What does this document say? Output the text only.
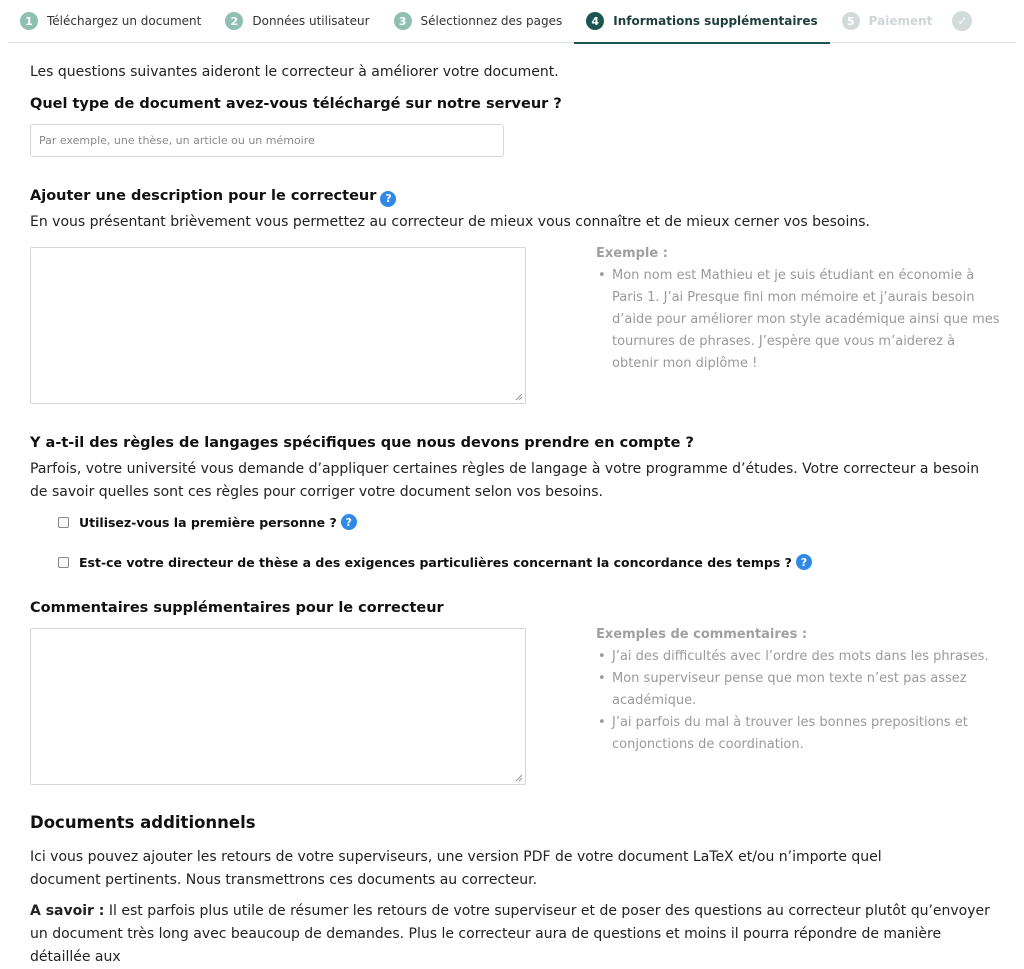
1	Téléchargez un document	2	Données utilisateur	3	Sélectionnez des pages	4	Informations supplémentaires	5	Paiement	✓
Les questions suivantes aideront le correcteur à améliorer votre document.
Quel type de document avez-vous téléchargé sur notre serveur ?
Par exemple, une thèse, un article ou un mémoire
Ajouter une description pour le correcteur ?
En vous présentant brièvement vous permettez au correcteur de mieux vous connaître et de mieux cerner vos besoins.
Exemple :
• Mon nom est Mathieu et je suis étudiant en économie à Paris 1. J’ai Presque fini mon mémoire et j’aurais besoin d’aide pour améliorer mon style académique ainsi que mes tournures de phrases. J’espère que vous m’aiderez à obtenir mon diplôme !
Y a-t-il des règles de langages spécifiques que nous devons prendre en compte ?
Parfois, votre université vous demande d’appliquer certaines règles de langage à votre programme d’études. Votre correcteur a besoin de savoir quelles sont ces règles pour corriger votre document selon vos besoins.
Utilisez-vous la première personne ? ?
Est-ce votre directeur de thèse a des exigences particulières concernant la concordance des temps ? ?
Commentaires supplémentaires pour le correcteur
Exemples de commentaires :
• J’ai des difficultés avec l’ordre des mots dans les phrases.
• Mon superviseur pense que mon texte n’est pas assez académique.
• J’ai parfois du mal à trouver les bonnes prepositions et conjonctions de coordination.
Documents additionnels
Ici vous pouvez ajouter les retours de votre superviseurs, une version PDF de votre document LaTeX et/ou n’importe quel document pertinents. Nous transmettrons ces documents au correcteur.
A savoir : Il est parfois plus utile de résumer les retours de votre superviseur et de poser des questions au correcteur plutôt qu’envoyer un document très long avec beaucoup de demandes. Plus le correcteur aura de questions et moins il pourra répondre de manière détaillée aux
